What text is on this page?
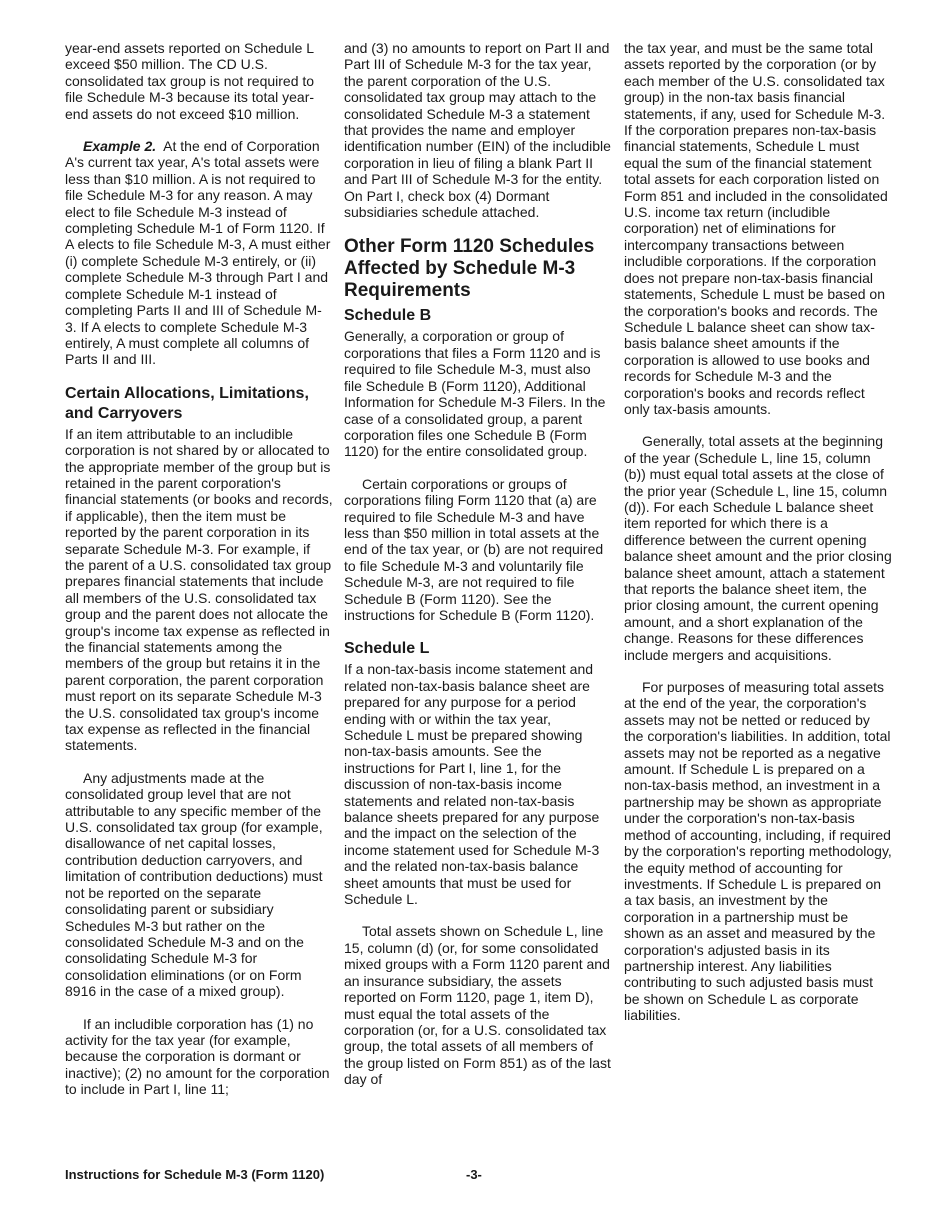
year-end assets reported on Schedule L exceed $50 million. The CD U.S. consolidated tax group is not required to file Schedule M-3 because its total year-end assets do not exceed $10 million.

Example 2. At the end of Corporation A's current tax year, A's total assets were less than $10 million. A is not required to file Schedule M-3 for any reason. A may elect to file Schedule M-3 instead of completing Schedule M-1 of Form 1120. If A elects to file Schedule M-3, A must either (i) complete Schedule M-3 entirely, or (ii) complete Schedule M-3 through Part I and complete Schedule M-1 instead of completing Parts II and III of Schedule M-3. If A elects to complete Schedule M-3 entirely, A must complete all columns of Parts II and III.

Certain Allocations, Limitations, and Carryovers

If an item attributable to an includible corporation is not shared by or allocated to the appropriate member of the group but is retained in the parent corporation's financial statements (or books and records, if applicable), then the item must be reported by the parent corporation in its separate Schedule M-3. For example, if the parent of a U.S. consolidated tax group prepares financial statements that include all members of the U.S. consolidated tax group and the parent does not allocate the group's income tax expense as reflected in the financial statements among the members of the group but retains it in the parent corporation, the parent corporation must report on its separate Schedule M-3 the U.S. consolidated tax group's income tax expense as reflected in the financial statements.

Any adjustments made at the consolidated group level that are not attributable to any specific member of the U.S. consolidated tax group (for example, disallowance of net capital losses, contribution deduction carryovers, and limitation of contribution deductions) must not be reported on the separate consolidating parent or subsidiary Schedules M-3 but rather on the consolidated Schedule M-3 and on the consolidating Schedule M-3 for consolidation eliminations (or on Form 8916 in the case of a mixed group).

If an includible corporation has (1) no activity for the tax year (for example, because the corporation is dormant or inactive); (2) no amount for the corporation to include in Part I, line 11;

and (3) no amounts to report on Part II and Part III of Schedule M-3 for the tax year, the parent corporation of the U.S. consolidated tax group may attach to the consolidated Schedule M-3 a statement that provides the name and employer identification number (EIN) of the includible corporation in lieu of filing a blank Part II and Part III of Schedule M-3 for the entity. On Part I, check box (4) Dormant subsidiaries schedule attached.

Other Form 1120 Schedules Affected by Schedule M-3 Requirements
Schedule B

Generally, a corporation or group of corporations that files a Form 1120 and is required to file Schedule M-3, must also file Schedule B (Form 1120), Additional Information for Schedule M-3 Filers. In the case of a consolidated group, a parent corporation files one Schedule B (Form 1120) for the entire consolidated group.

Certain corporations or groups of corporations filing Form 1120 that (a) are required to file Schedule M-3 and have less than $50 million in total assets at the end of the tax year, or (b) are not required to file Schedule M-3 and voluntarily file Schedule M-3, are not required to file Schedule B (Form 1120). See the instructions for Schedule B (Form 1120).

Schedule L

If a non-tax-basis income statement and related non-tax-basis balance sheet are prepared for any purpose for a period ending with or within the tax year, Schedule L must be prepared showing non-tax-basis amounts. See the instructions for Part I, line 1, for the discussion of non-tax-basis income statements and related non-tax-basis balance sheets prepared for any purpose and the impact on the selection of the income statement used for Schedule M-3 and the related non-tax-basis balance sheet amounts that must be used for Schedule L.

Total assets shown on Schedule L, line 15, column (d) (or, for some consolidated mixed groups with a Form 1120 parent and an insurance subsidiary, the assets reported on Form 1120, page 1, item D), must equal the total assets of the corporation (or, for a U.S. consolidated tax group, the total assets of all members of the group listed on Form 851) as of the last day of

the tax year, and must be the same total assets reported by the corporation (or by each member of the U.S. consolidated tax group) in the non-tax basis financial statements, if any, used for Schedule M-3. If the corporation prepares non-tax-basis financial statements, Schedule L must equal the sum of the financial statement total assets for each corporation listed on Form 851 and included in the consolidated U.S. income tax return (includible corporation) net of eliminations for intercompany transactions between includible corporations. If the corporation does not prepare non-tax-basis financial statements, Schedule L must be based on the corporation's books and records. The Schedule L balance sheet can show tax-basis balance sheet amounts if the corporation is allowed to use books and records for Schedule M-3 and the corporation's books and records reflect only tax-basis amounts.

Generally, total assets at the beginning of the year (Schedule L, line 15, column (b)) must equal total assets at the close of the prior year (Schedule L, line 15, column (d)). For each Schedule L balance sheet item reported for which there is a difference between the current opening balance sheet amount and the prior closing balance sheet amount, attach a statement that reports the balance sheet item, the prior closing amount, the current opening amount, and a short explanation of the change. Reasons for these differences include mergers and acquisitions.

For purposes of measuring total assets at the end of the year, the corporation's assets may not be netted or reduced by the corporation's liabilities. In addition, total assets may not be reported as a negative amount. If Schedule L is prepared on a non-tax-basis method, an investment in a partnership may be shown as appropriate under the corporation's non-tax-basis method of accounting, including, if required by the corporation's reporting methodology, the equity method of accounting for investments. If Schedule L is prepared on a tax basis, an investment by the corporation in a partnership must be shown as an asset and measured by the corporation's adjusted basis in its partnership interest. Any liabilities contributing to such adjusted basis must be shown on Schedule L as corporate liabilities.

Instructions for Schedule M-3 (Form 1120)	-3-
